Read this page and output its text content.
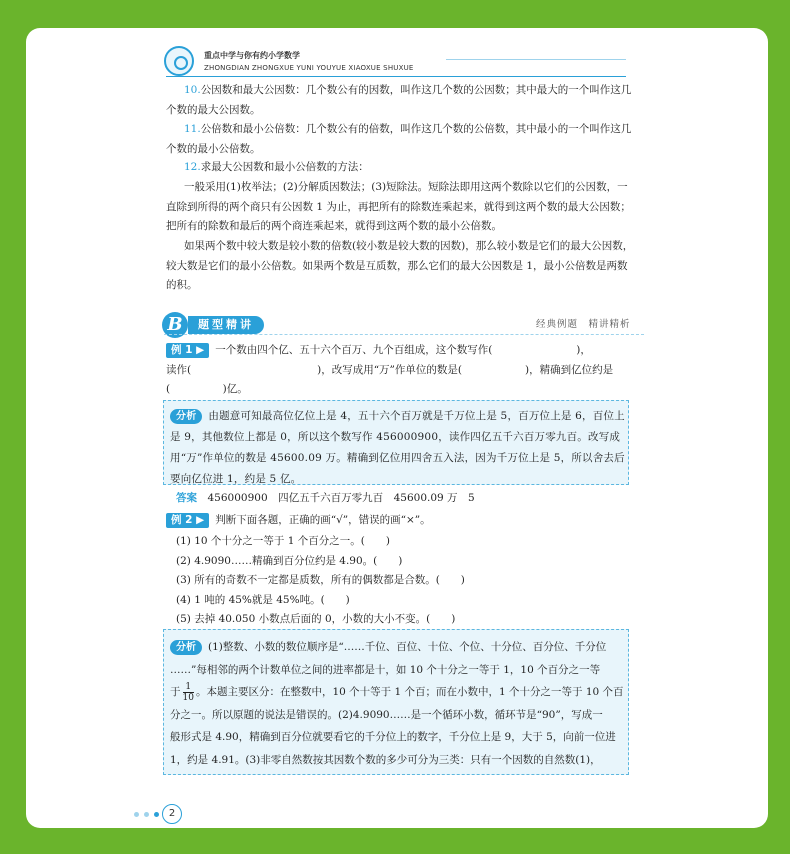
重点中学与你有约小学数学
ZHONGDIAN ZHONGXUE YUNI YOUYUE XIAOXUE SHUXUE
10.公因数和最大公因数：几个数公有的因数，叫作这几个数的公因数；其中最大的一个叫作这几个数的最大公因数。
11.公倍数和最小公倍数：几个数公有的倍数，叫作这几个数的公倍数，其中最小的一个叫作这几个数的最小公倍数。
12.求最大公因数和最小公倍数的方法：
一般采用(1)枚举法；(2)分解质因数法；(3)短除法。短除法即用这两个数除以它们的公因数，一直除到所得的两个商只有公因数 1 为止，再把所有的除数连乘起来，就得到这两个数的最大公因数；把所有的除数和最后的两个商连乘起来，就得到这两个数的最小公倍数。
如果两个数中较大数是较小数的倍数(较小数是较大数的因数)，那么较小数是它们的最大公因数，较大数是它们的最小公倍数。如果两个数是互质数，那么它们的最大公因数是 1，最小公倍数是两数的积。
B	题型精讲	经典例题　精讲精析
例 1 ▶ 一个数由四个亿、五十六个百万、九个百组成，这个数写作(　　　　　　　　)，
读作(　　　　　　　　　　　　)，改写成用“万”作单位的数是(　　　　　　)，精确到亿位约是
(　　　　　)亿。
分析 由题意可知最高位亿位上是 4，五十六个百万就是千万位上是 5，百万位上是 6，百位上是 9，其他数位上都是 0，所以这个数写作 456000900，读作四亿五千六百万零九百。改写成用“万”作单位的数是 45600.09 万。精确到亿位用四舍五入法，因为千万位上是 5，所以舍去后要向亿位进 1，约是 5 亿。
答案　 456000900　四亿五千六百万零九百　45600.09 万　5
例 2 ▶ 判断下面各题，正确的画“√”，错误的画“×”。
(1) 10 个十分之一等于 1 个百分之一。(　　)
(2) 4.9090……精确到百分位约是 4.90。(　　)
(3) 所有的奇数不一定都是质数，所有的偶数都是合数。(　　)
(4) 1 吨的 45%就是 45%吨。(　　)
(5) 去掉 40.050 小数点后面的 0，小数的大小不变。(　　)
分析 (1)整数、小数的数位顺序是“……千位、百位、十位、个位、十分位、百分位、千分位
……”每相邻的两个计数单位之间的进率都是十，如 10 个十分之一等于 1，10 个百分之一等
于 $\frac{1}{10}$ 。本题主要区分：在整数中，10 个十等于 1 个百；而在小数中，1 个十分之一等于 10 个百
分之一。所以原题的说法是错误的。(2)4.9090……是一个循环小数，循环节是“90”，写成一
般形式是 4.90，精确到百分位就要看它的千分位上的数字，千分位上是 9，大于 5，向前一位进
1，约是 4.91。(3)非零自然数按其因数个数的多少可分为三类：只有一个因数的自然数(1)，
2
